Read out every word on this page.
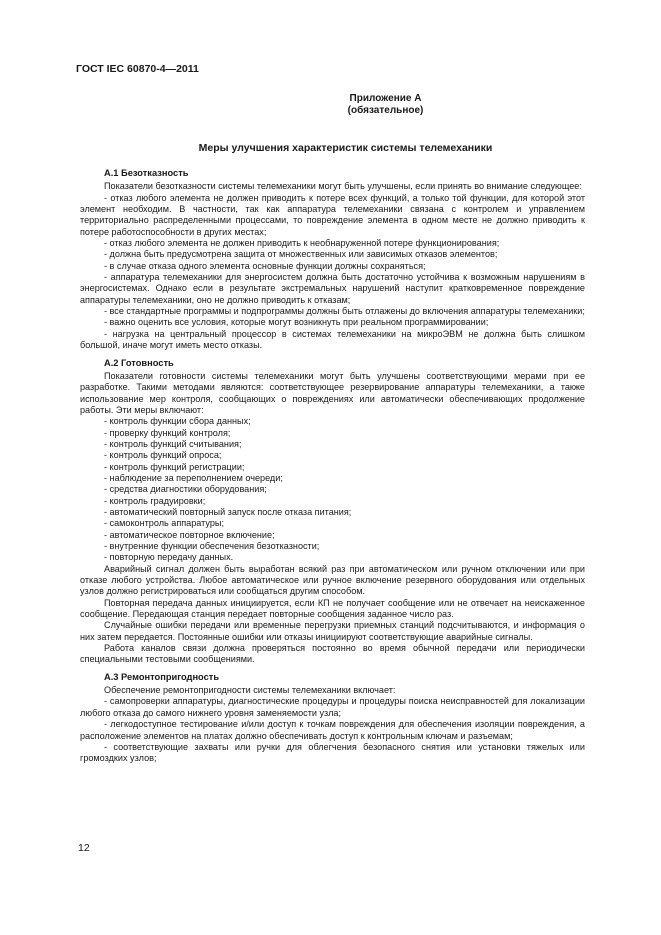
ГОСТ IEC 60870-4—2011
Приложение А
(обязательное)
Меры улучшения характеристик системы телемеханики
А.1 Безотказность

Показатели безотказности системы телемеханики могут быть улучшены, если принять во внимание следующее:

- отказ любого элемента не должен приводить к потере всех функций, а только той функции, для которой этот элемент необходим. В частности, так как аппаратура телемеханики связана с контролем и управлением территориально распределенными процессами, то повреждение элемента в одном месте не должно приводить к потере работоспособности в других местах;

- отказ любого элемента не должен приводить к необнаруженной потере функционирования;

- должна быть предусмотрена защита от множественных или зависимых отказов элементов;

- в случае отказа одного элемента основные функции должны сохраняться;

- аппаратура телемеханики для энергосистем должна быть достаточно устойчива к возможным нарушениям в энергосистемах. Однако если в результате экстремальных нарушений наступит кратковременное повреждение аппаратуры телемеханики, оно не должно приводить к отказам;

- все стандартные программы и подпрограммы должны быть отлажены до включения аппаратуры телемеханики;

- важно оценить все условия, которые могут возникнуть при реальном программировании;

- нагрузка на центральный процессор в системах телемеханики на микроЭВМ не должна быть слишком большой, иначе могут иметь место отказы.

А.2 Готовность

Показатели готовности системы телемеханики могут быть улучшены соответствующими мерами при ее разработке. Такими методами являются: соответствующее резервирование аппаратуры телемеханики, а также использование мер контроля, сообщающих о повреждениях или автоматически обеспечивающих продолжение работы. Эти меры включают:

- контроль функции сбора данных;

- проверку функций контроля;

- контроль функций считывания;

- контроль функций опроса;

- контроль функций регистрации;

- наблюдение за переполнением очереди;

- средства диагностики оборудования;

- контроль градуировки;

- автоматический повторный запуск после отказа питания;

- самоконтроль аппаратуры;

- автоматическое повторное включение;

- внутренние функции обеспечения безотказности;

- повторную передачу данных.

Аварийный сигнал должен быть выработан всякий раз при автоматическом или ручном отключении или при отказе любого устройства. Любое автоматическое или ручное включение резервного оборудования или отдельных узлов должно регистрироваться или сообщаться другим способом.

Повторная передача данных инициируется, если КП не получает сообщение или не отвечает на неискаженное сообщение. Передающая станция передает повторные сообщения заданное число раз.

Случайные ошибки передачи или временные перегрузки приемных станций подсчитываются, и информация о них затем передается. Постоянные ошибки или отказы инициируют соответствующие аварийные сигналы.

Работа каналов связи должна проверяться постоянно во время обычной передачи или периодически специальными тестовыми сообщениями.

А.3 Ремонтопригодность

Обеспечение ремонтопригодности системы телемеханики включает:

- самопроверки аппаратуры, диагностические процедуры и процедуры поиска неисправностей для локализации любого отказа до самого нижнего уровня заменяемости узла;

- легкодоступное тестирование и/или доступ к точкам повреждения для обеспечения изоляции повреждения, а расположение элементов на платах должно обеспечивать доступ к контрольным ключам и разъемам;

- соответствующие захваты или ручки для облегчения безопасного снятия или установки тяжелых или громоздких узлов;

12
